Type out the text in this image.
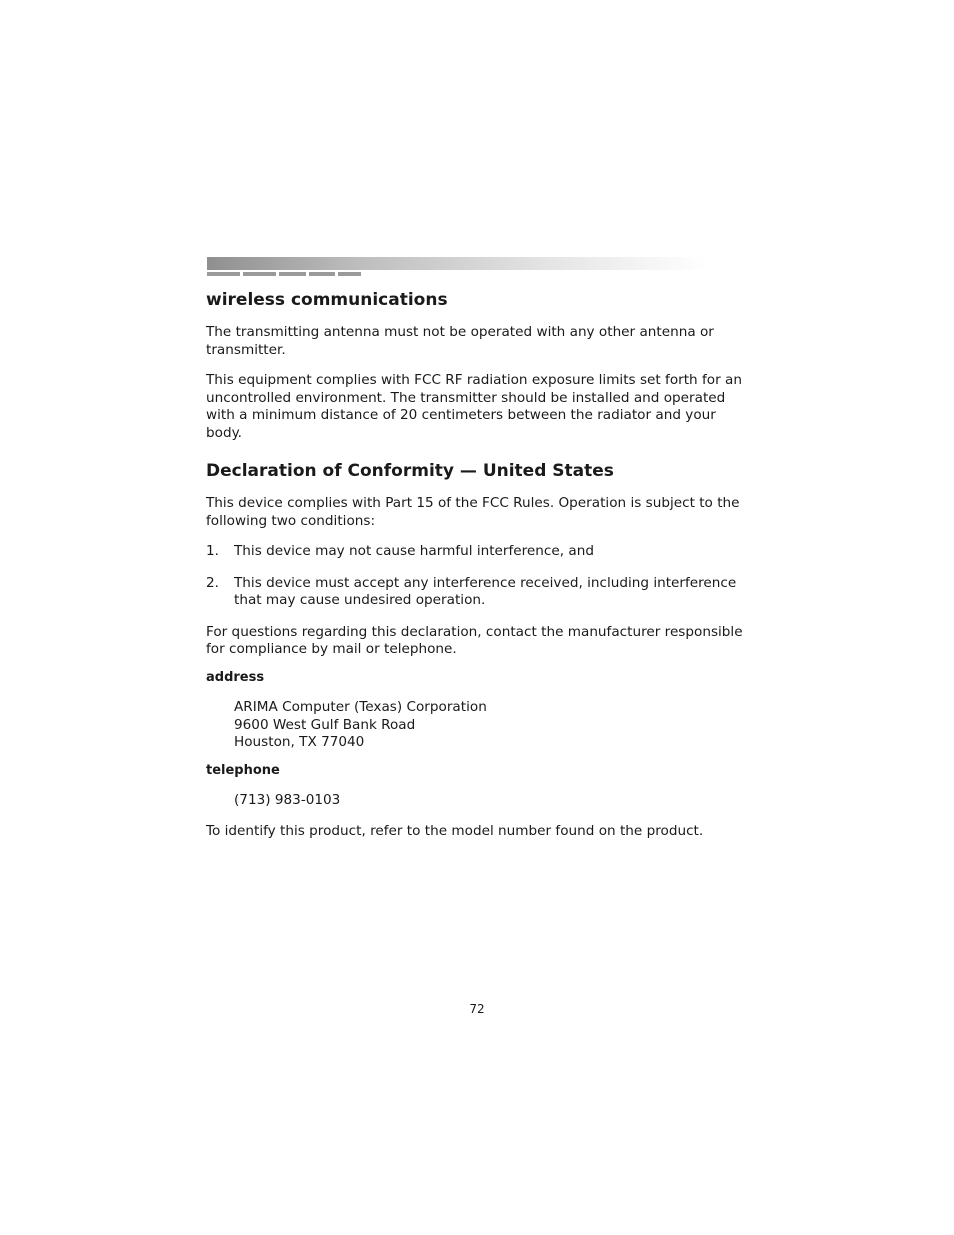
wireless communications

The transmitting antenna must not be operated with any other antenna or transmitter.

This equipment complies with FCC RF radiation exposure limits set forth for an uncontrolled environment. The transmitter should be installed and operated with a minimum distance of 20 centimeters between the radiator and your body.

Declaration of Conformity — United States

This device complies with Part 15 of the FCC Rules. Operation is subject to the following two conditions:

1.	This device may not cause harmful interference, and
2.	This device must accept any interference received, including interference that may cause undesired operation.

For questions regarding this declaration, contact the manufacturer responsible for compliance by mail or telephone.

address

ARIMA Computer (Texas) Corporation
9600 West Gulf Bank Road
Houston, TX 77040

telephone

(713) 983-0103

To identify this product, refer to the model number found on the product.

72
